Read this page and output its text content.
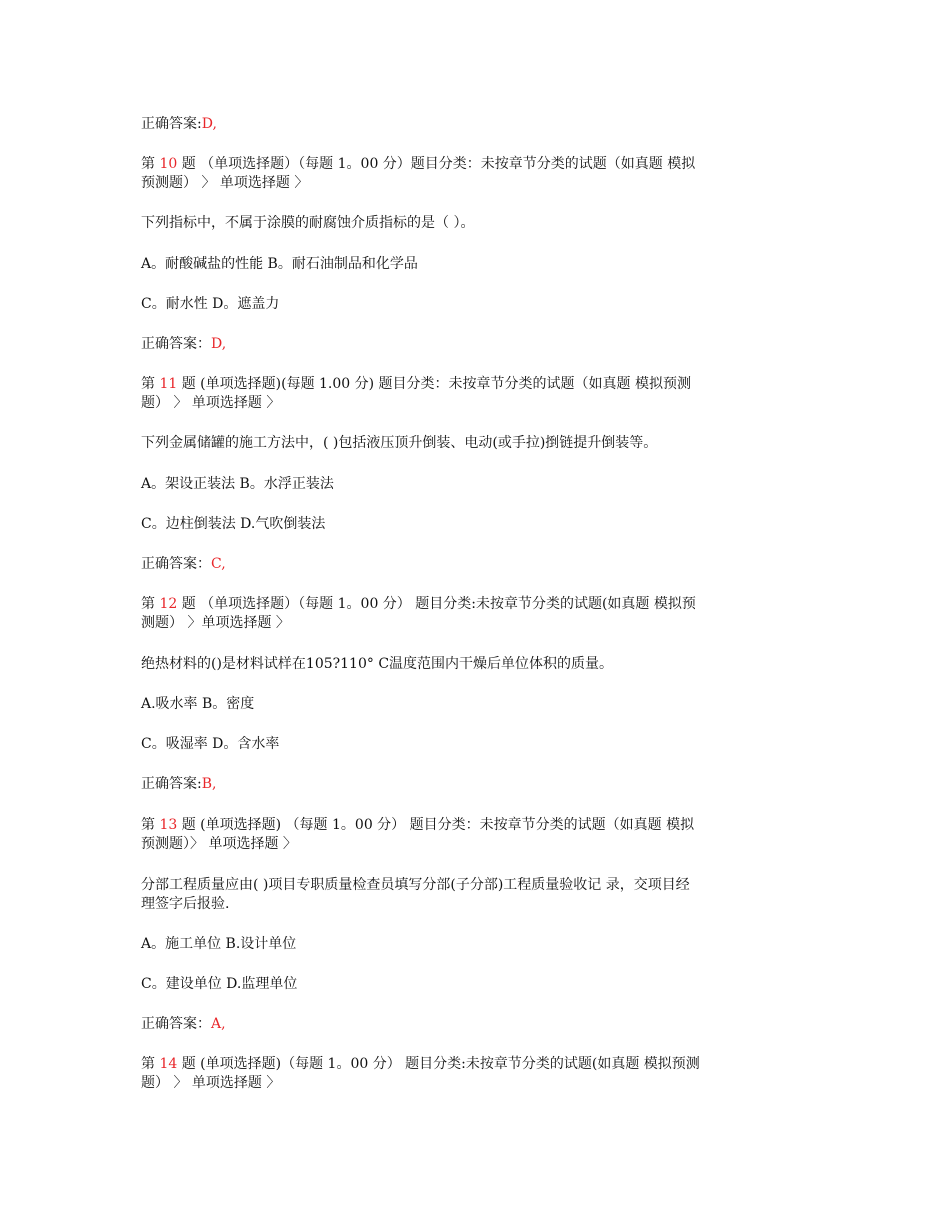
正确答案:D,
第 10 题 （单项选择题）（每题 1。00 分）题目分类：未按章节分类的试题（如真题 模拟
预测题） 〉 单项选择题 〉
下列指标中，不属于涂膜的耐腐蚀介质指标的是（ ）。
A。耐酸碱盐的性能 B。耐石油制品和化学品
C。耐水性 D。遮盖力
正确答案：D,
第 11 题 (单项选择题)(每题 1.00 分) 题目分类：未按章节分类的试题（如真题 模拟预测
题） 〉 单项选择题 〉
下列金属储罐的施工方法中，( )包括液压顶升倒装、电动(或手拉)捯链提升倒装等。
A。架设正装法 B。水浮正装法
C。边柱倒装法 D.气吹倒装法
正确答案：C,
第 12 题 （单项选择题）（每题 1。00 分） 题目分类:未按章节分类的试题(如真题 模拟预
测题） 〉单项选择题 〉
绝热材料的()是材料试样在105?110° C温度范围内干燥后单位体积的质量。
A.吸水率 B。密度
C。吸湿率 D。含水率
正确答案:B,
第 13 题 (单项选择题) （每题 1。00 分） 题目分类：未按章节分类的试题（如真题 模拟
预测题）〉 单项选择题 〉
分部工程质量应由( )项目专职质量检查员填写分部(子分部)工程质量验收记 录，交项目经
理签字后报验.
A。施工单位 B.设计单位
C。建设单位 D.监理单位
正确答案：A,
第 14 题 (单项选择题)（每题 1。00 分） 题目分类:未按章节分类的试题(如真题 模拟预测
题） 〉 单项选择题 〉
